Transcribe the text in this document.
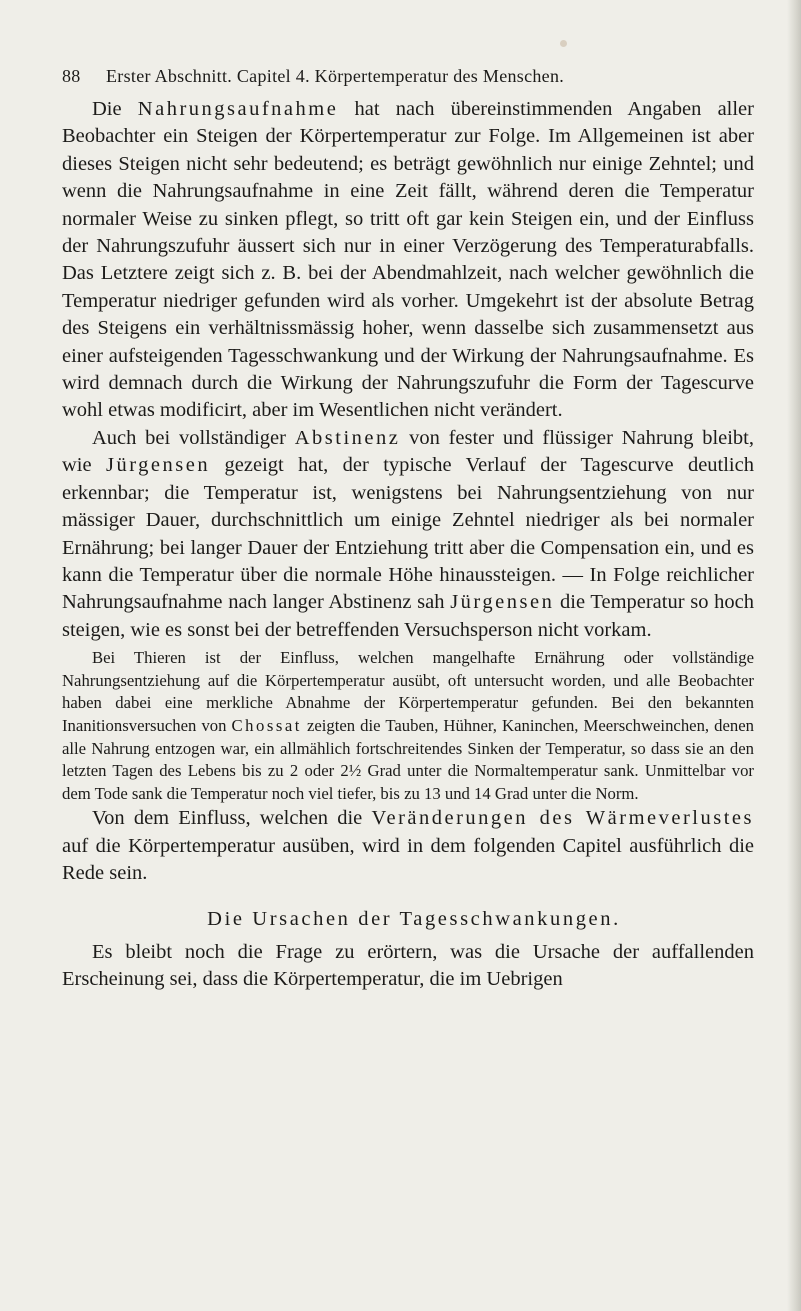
88 Erster Abschnitt. Capitel 4. Körpertemperatur des Menschen.

Die Nahrungsaufnahme hat nach übereinstimmenden Angaben aller Beobachter ein Steigen der Körpertemperatur zur Folge. Im Allgemeinen ist aber dieses Steigen nicht sehr bedeutend; es beträgt gewöhnlich nur einige Zehntel; und wenn die Nahrungsaufnahme in eine Zeit fällt, während deren die Temperatur normaler Weise zu sinken pflegt, so tritt oft gar kein Steigen ein, und der Einfluss der Nahrungszufuhr äussert sich nur in einer Verzögerung des Temperaturabfalls. Das Letztere zeigt sich z. B. bei der Abendmahlzeit, nach welcher gewöhnlich die Temperatur niedriger gefunden wird als vorher. Umgekehrt ist der absolute Betrag des Steigens ein verhältnissmässig hoher, wenn dasselbe sich zusammensetzt aus einer aufsteigenden Tagesschwankung und der Wirkung der Nahrungsaufnahme. Es wird demnach durch die Wirkung der Nahrungszufuhr die Form der Tagescurve wohl etwas modificirt, aber im Wesentlichen nicht verändert.

Auch bei vollständiger Abstinenz von fester und flüssiger Nahrung bleibt, wie Jürgensen gezeigt hat, der typische Verlauf der Tagescurve deutlich erkennbar; die Temperatur ist, wenigstens bei Nahrungsentziehung von nur mässiger Dauer, durchschnittlich um einige Zehntel niedriger als bei normaler Ernährung; bei langer Dauer der Entziehung tritt aber die Compensation ein, und es kann die Temperatur über die normale Höhe hinaussteigen. — In Folge reichlicher Nahrungsaufnahme nach langer Abstinenz sah Jürgensen die Temperatur so hoch steigen, wie es sonst bei der betreffenden Versuchsperson nicht vorkam.

Bei Thieren ist der Einfluss, welchen mangelhafte Ernährung oder vollständige Nahrungsentziehung auf die Körpertemperatur ausübt, oft untersucht worden, und alle Beobachter haben dabei eine merkliche Abnahme der Körpertemperatur gefunden. Bei den bekannten Inanitionsversuchen von Chossat zeigten die Tauben, Hühner, Kaninchen, Meerschweinchen, denen alle Nahrung entzogen war, ein allmählich fortschreitendes Sinken der Temperatur, so dass sie an den letzten Tagen des Lebens bis zu 2 oder 2½ Grad unter die Normaltemperatur sank. Unmittelbar vor dem Tode sank die Temperatur noch viel tiefer, bis zu 13 und 14 Grad unter die Norm.

Von dem Einfluss, welchen die Veränderungen des Wärmeverlustes auf die Körpertemperatur ausüben, wird in dem folgenden Capitel ausführlich die Rede sein.

Die Ursachen der Tagesschwankungen.

Es bleibt noch die Frage zu erörtern, was die Ursache der auffallenden Erscheinung sei, dass die Körpertemperatur, die im Uebrigen
